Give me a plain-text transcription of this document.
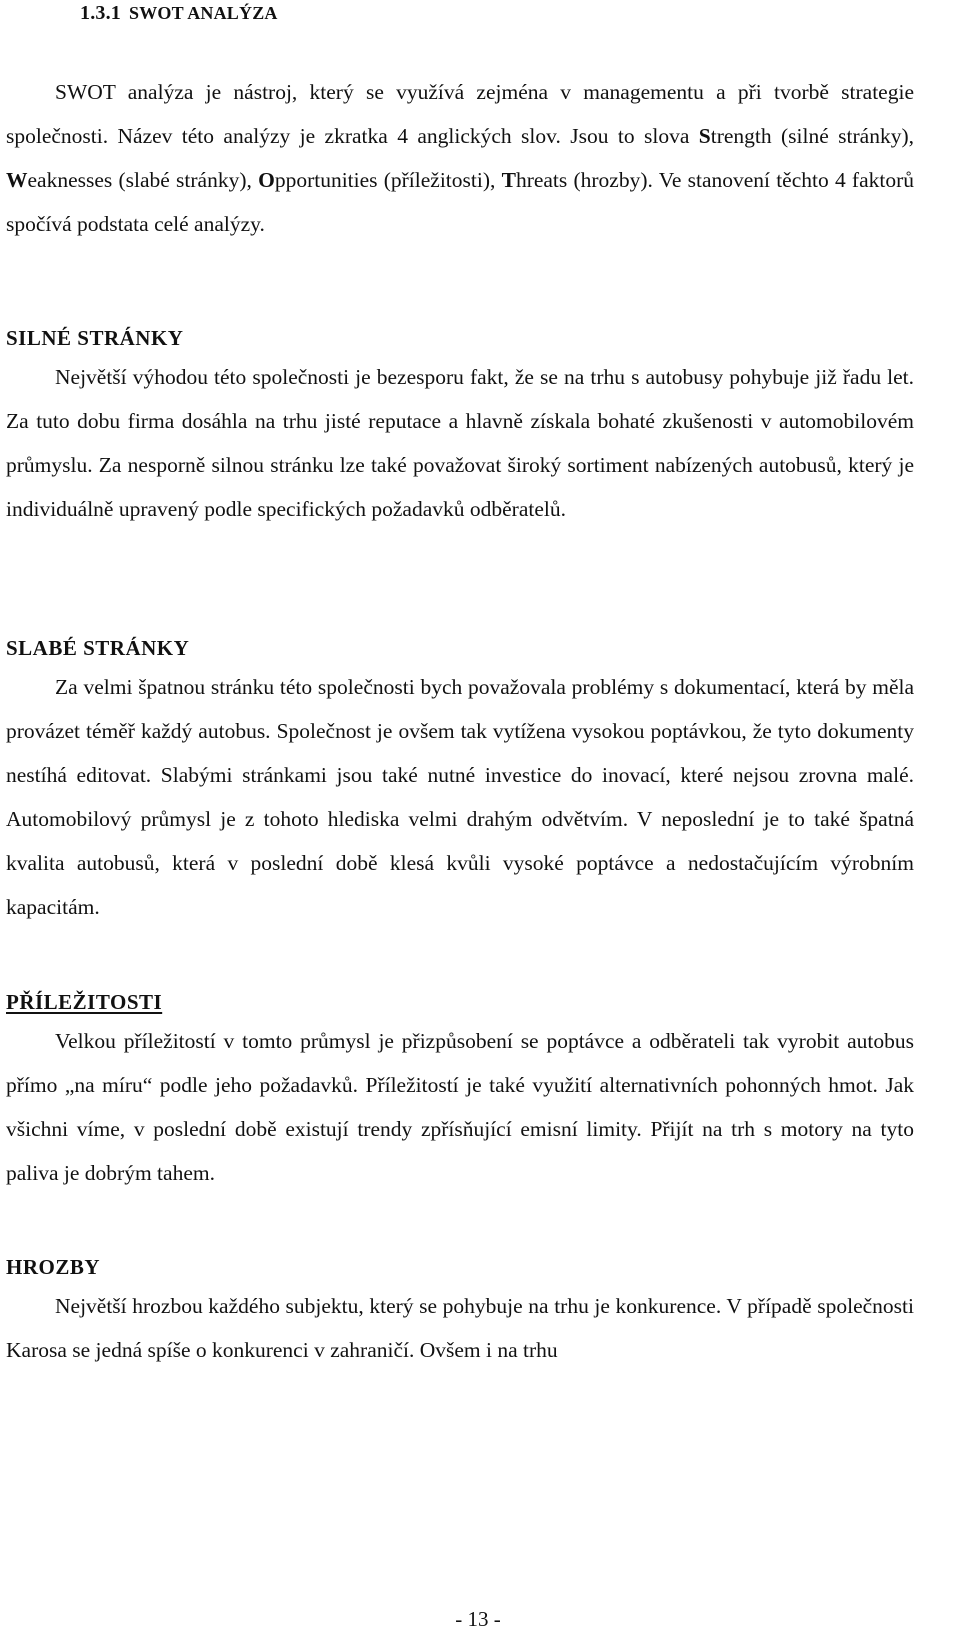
1.3.1 SWOT ANALÝZA

SWOT analýza je nástroj, který se využívá zejména v managementu a při tvorbě strategie společnosti. Název této analýzy je zkratka 4 anglických slov. Jsou to slova Strength (silné stránky), Weaknesses (slabé stránky), Opportunities (příležitosti), Threats (hrozby). Ve stanovení těchto 4 faktorů spočívá podstata celé analýzy.

SILNÉ STRÁNKY

Největší výhodou této společnosti je bezesporu fakt, že se na trhu s autobusy pohybuje již řadu let. Za tuto dobu firma dosáhla na trhu jisté reputace a hlavně získala bohaté zkušenosti v automobilovém průmyslu. Za nesporně silnou stránku lze také považovat široký sortiment nabízených autobusů, který je individuálně upravený podle specifických požadavků odběratelů.

SLABÉ STRÁNKY

Za velmi špatnou stránku této společnosti bych považovala problémy s dokumentací, která by měla provázet téměř každý autobus. Společnost je ovšem tak vytížena vysokou poptávkou, že tyto dokumenty nestíhá editovat. Slabými stránkami jsou také nutné investice do inovací, které nejsou zrovna malé. Automobilový průmysl je z tohoto hlediska velmi drahým odvětvím. V neposlední je to také špatná kvalita autobusů, která v poslední době klesá kvůli vysoké poptávce a nedostačujícím výrobním kapacitám.

PŘÍLEŽITOSTI

Velkou příležitostí v tomto průmysl je přizpůsobení se poptávce a odběrateli tak vyrobit autobus přímo „na míru“ podle jeho požadavků. Příležitostí je také využití alternativních pohonných hmot. Jak všichni víme, v poslední době existují trendy zpřísňující emisní limity. Přijít na trh s motory na tyto paliva je dobrým tahem.

HROZBY

Největší hrozbou každého subjektu, který se pohybuje na trhu je konkurence. V případě společnosti Karosa se jedná spíše o konkurenci v zahraničí. Ovšem i na trhu

- 13 -
